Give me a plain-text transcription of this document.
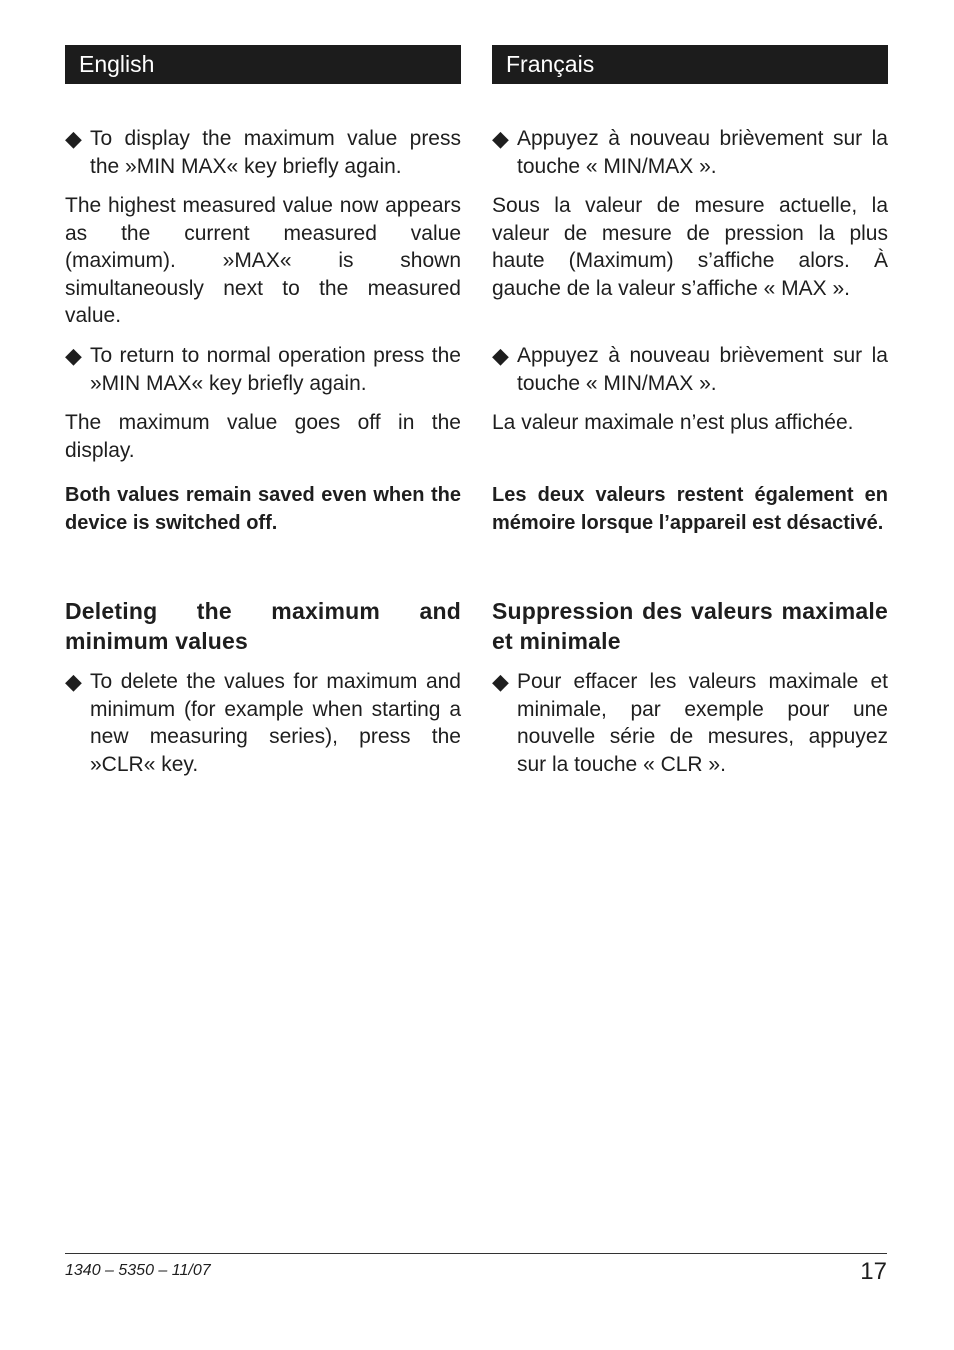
English
◆ To display the maximum value press the »MIN MAX« key briefly again.

The highest measured value now appears as the current measured value (maximum). »MAX« is shown simultaneously next to the measured value.

◆ To return to normal operation press the »MIN MAX« key briefly again.

The maximum value goes off in the display.

Both values remain saved even when the device is switched off.

Deleting the maximum and minimum values
◆ To delete the values for maximum and minimum (for example when starting a new measuring series), press the »CLR« key.

Français
◆ Appuyez à nouveau brièvement sur la touche « MIN/MAX ».

Sous la valeur de mesure actuelle, la valeur de mesure de pression la plus haute (Maximum) s’affiche alors. À gauche de la valeur s’affiche « MAX ».

◆ Appuyez à nouveau brièvement sur la touche « MIN/MAX ».

La valeur maximale n’est plus affichée.

Les deux valeurs restent également en mémoire lorsque l’appareil est désactivé.

Suppression des valeurs maximale et minimale
◆ Pour effacer les valeurs maximale et minimale, par exemple pour une nouvelle série de mesures, appuyez sur la touche « CLR ».

1340 – 5350 – 11/07	17
